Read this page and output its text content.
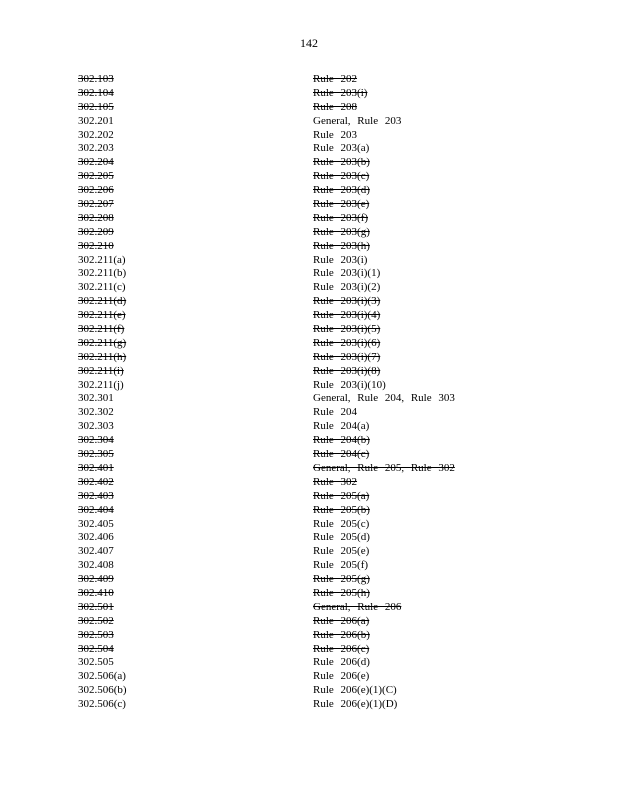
142
302.103	Rule 202
302.104	Rule 203(i)
302.105	Rule 208
302.201	General, Rule 203
302.202	Rule 203
302.203	Rule 203(a)
302.204	Rule 203(b)
302.205	Rule 203(c)
302.206	Rule 203(d)
302.207	Rule 203(e)
302.208	Rule 203(f)
302.209	Rule 203(g)
302.210	Rule 203(h)
302.211(a)	Rule 203(i)
302.211(b)	Rule 203(i)(1)
302.211(c)	Rule 203(i)(2)
302.211(d)	Rule 203(i)(3)
302.211(e)	Rule 203(i)(4)
302.211(f)	Rule 203(i)(5)
302.211(g)	Rule 203(i)(6)
302.211(h)	Rule 203(i)(7)
302.211(i)	Rule 203(i)(8)
302.211(j)	Rule 203(i)(10)
302.301	General, Rule 204, Rule 303
302.302	Rule 204
302.303	Rule 204(a)
302.304	Rule 204(b)
302.305	Rule 204(c)
302.401	General, Rule 205, Rule 302
302.402	Rule 302
302.403	Rule 205(a)
302.404	Rule 205(b)
302.405	Rule 205(c)
302.406	Rule 205(d)
302.407	Rule 205(e)
302.408	Rule 205(f)
302.409	Rule 205(g)
302.410	Rule 205(h)
302.501	General, Rule 206
302.502	Rule 206(a)
302.503	Rule 206(b)
302.504	Rule 206(c)
302.505	Rule 206(d)
302.506(a)	Rule 206(e)
302.506(b)	Rule 206(e)(1)(C)
302.506(c)	Rule 206(e)(1)(D)
